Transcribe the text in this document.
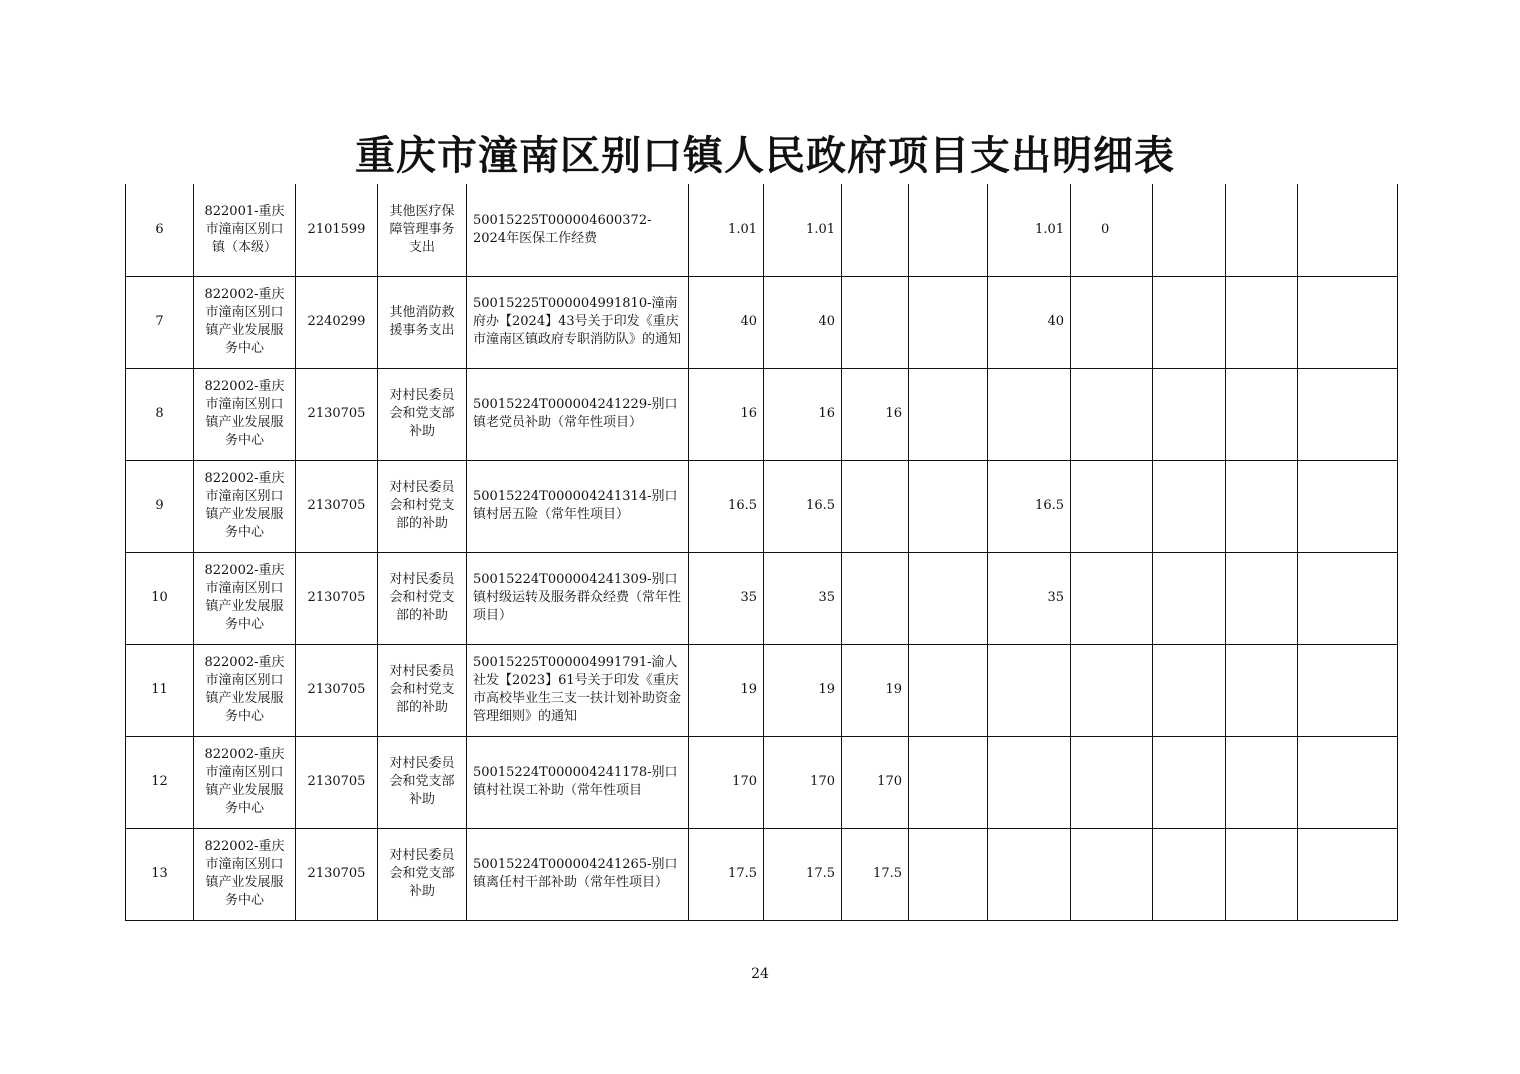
重庆市潼南区别口镇人民政府项目支出明细表
6	822001-重庆市潼南区别口镇（本级）	2101599	其他医疗保障管理事务支出	50015225T000004600372-2024年医保工作经费	1.01	1.01			1.01	0			
7	822002-重庆市潼南区别口镇产业发展服务中心	2240299	其他消防救援事务支出	50015225T000004991810-潼南府办【2024】43号关于印发《重庆市潼南区镇政府专职消防队》的通知	40	40			40				
8	822002-重庆市潼南区别口镇产业发展服务中心	2130705	对村民委员会和党支部补助	50015224T000004241229-别口镇老党员补助（常年性项目）	16	16	16						
9	822002-重庆市潼南区别口镇产业发展服务中心	2130705	对村民委员会和村党支部的补助	50015224T000004241314-别口镇村居五险（常年性项目）	16.5	16.5			16.5				
10	822002-重庆市潼南区别口镇产业发展服务中心	2130705	对村民委员会和村党支部的补助	50015224T000004241309-别口镇村级运转及服务群众经费（常年性项目）	35	35			35				
11	822002-重庆市潼南区别口镇产业发展服务中心	2130705	对村民委员会和村党支部的补助	50015225T000004991791-渝人社发【2023】61号关于印发《重庆市高校毕业生三支一扶计划补助资金管理细则》的通知	19	19	19						
12	822002-重庆市潼南区别口镇产业发展服务中心	2130705	对村民委员会和党支部补助	50015224T000004241178-别口镇村社误工补助（常年性项目	170	170	170						
13	822002-重庆市潼南区别口镇产业发展服务中心	2130705	对村民委员会和党支部补助	50015224T000004241265-别口镇离任村干部补助（常年性项目）	17.5	17.5	17.5						
24
